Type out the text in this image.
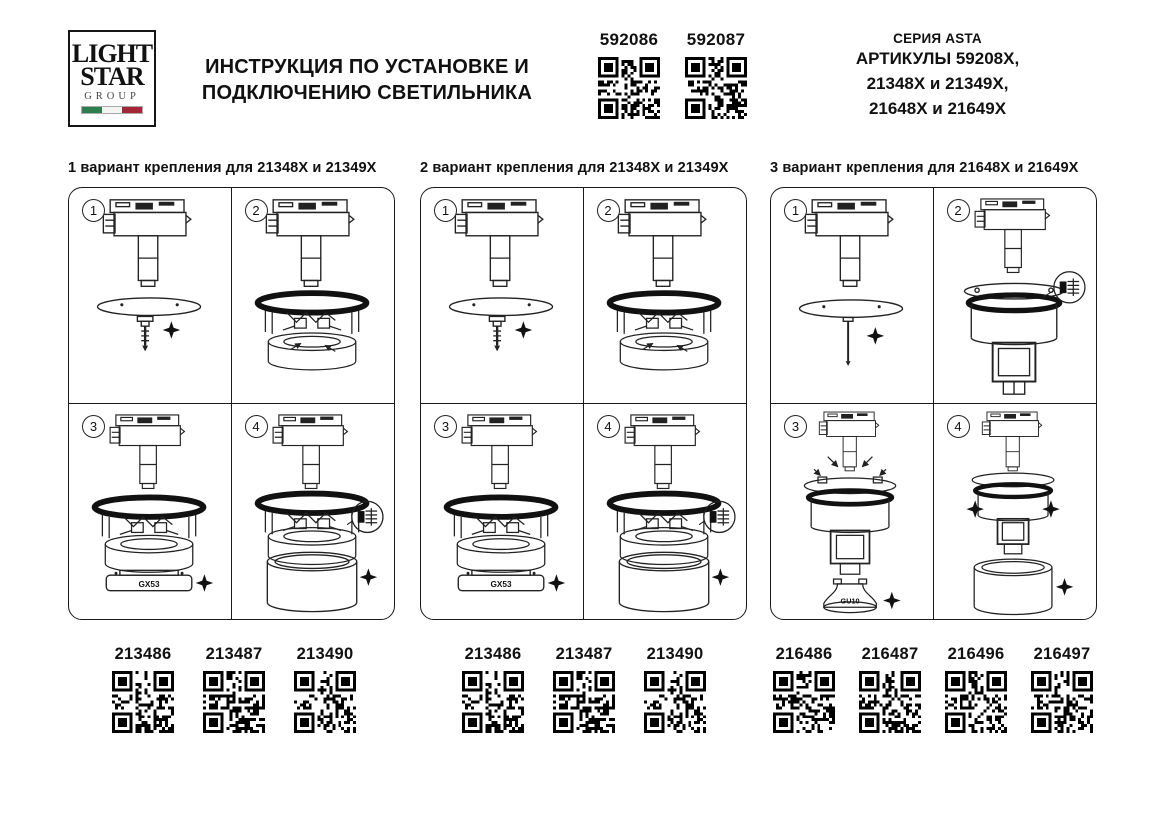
LIGHT
STAR
GROUP
ИНСТРУКЦИЯ ПО УСТАНОВКЕ И
ПОДКЛЮЧЕНИЮ СВЕТИЛЬНИКА
592086 592087	СЕРИЯ ASTA
АРТИКУЛЫ 59208X,
21348X и 21349X,
21648X и 21649X
1 вариант крепления для 21348X и 21349X
1	2
3
GX53
4
2 вариант крепления для 21348X и 21349X
1	2
3
GX53
4
3 вариант крепления для 21648X и 21649X
1	2
3
GU10
4
213486 213487 213490	213486 213487 213490	216486 216487 216496 216497
